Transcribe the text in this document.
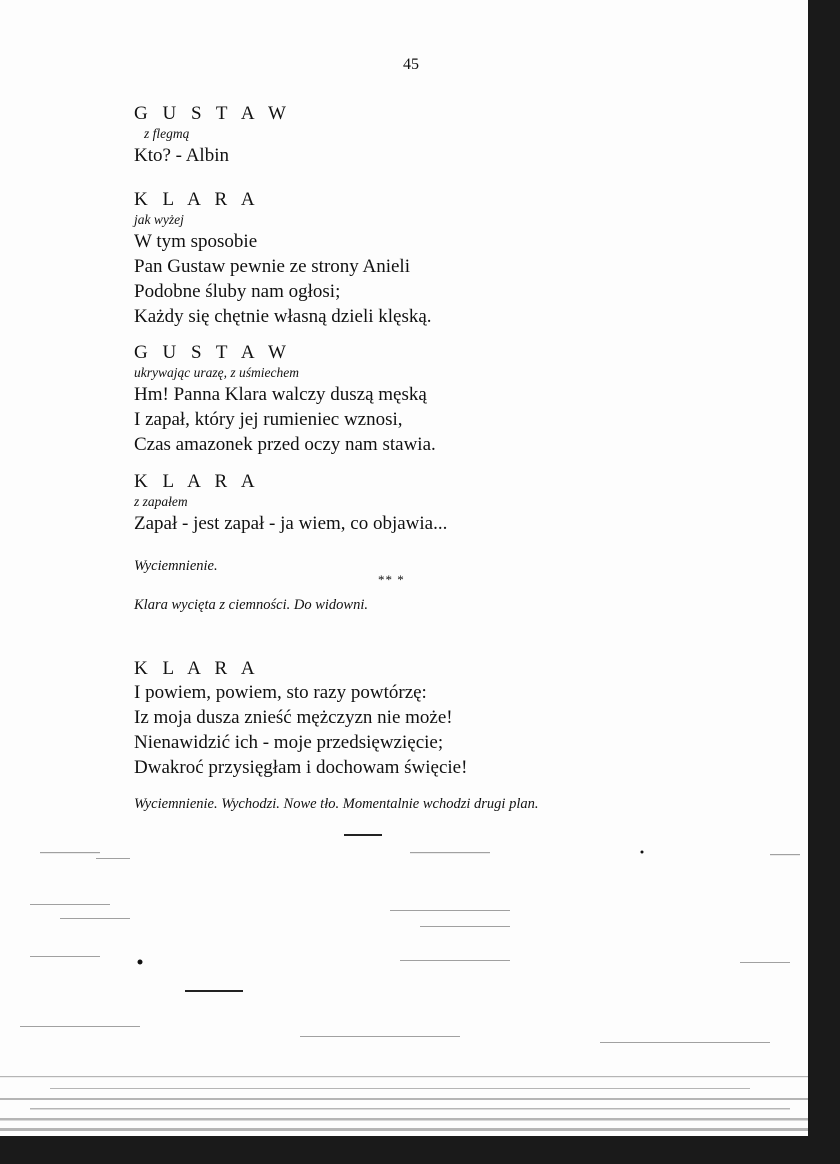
45
G U S T A W
z flegmą
Kto? - Albin
K L A R A
jak wyżej
W tym sposobie
Pan Gustaw pewnie ze strony Anieli
Podobne śluby nam ogłosi;
Każdy się chętnie własną dzieli klęską.
G U S T A W
ukrywając urazę, z uśmiechem
Hm! Panna Klara walczy duszą męską
I zapał, który jej rumieniec wznosi,
Czas amazonek przed oczy nam stawia.
K L A R A
z zapałem
Zapał - jest zapał - ja wiem, co objawia...
Wyciemnienie.
** *
Klara wycięta z ciemności. Do widowni.
K L A R A
I powiem, powiem, sto razy powtórzę:
Iz moja dusza znieść mężczyzn nie może!
Nienawidzić ich - moje przedsięwzięcie;
Dwakroć przysięgłam i dochowam święcie!
Wyciemnienie. Wychodzi. Nowe tło. Momentalnie wchodzi drugi plan.
